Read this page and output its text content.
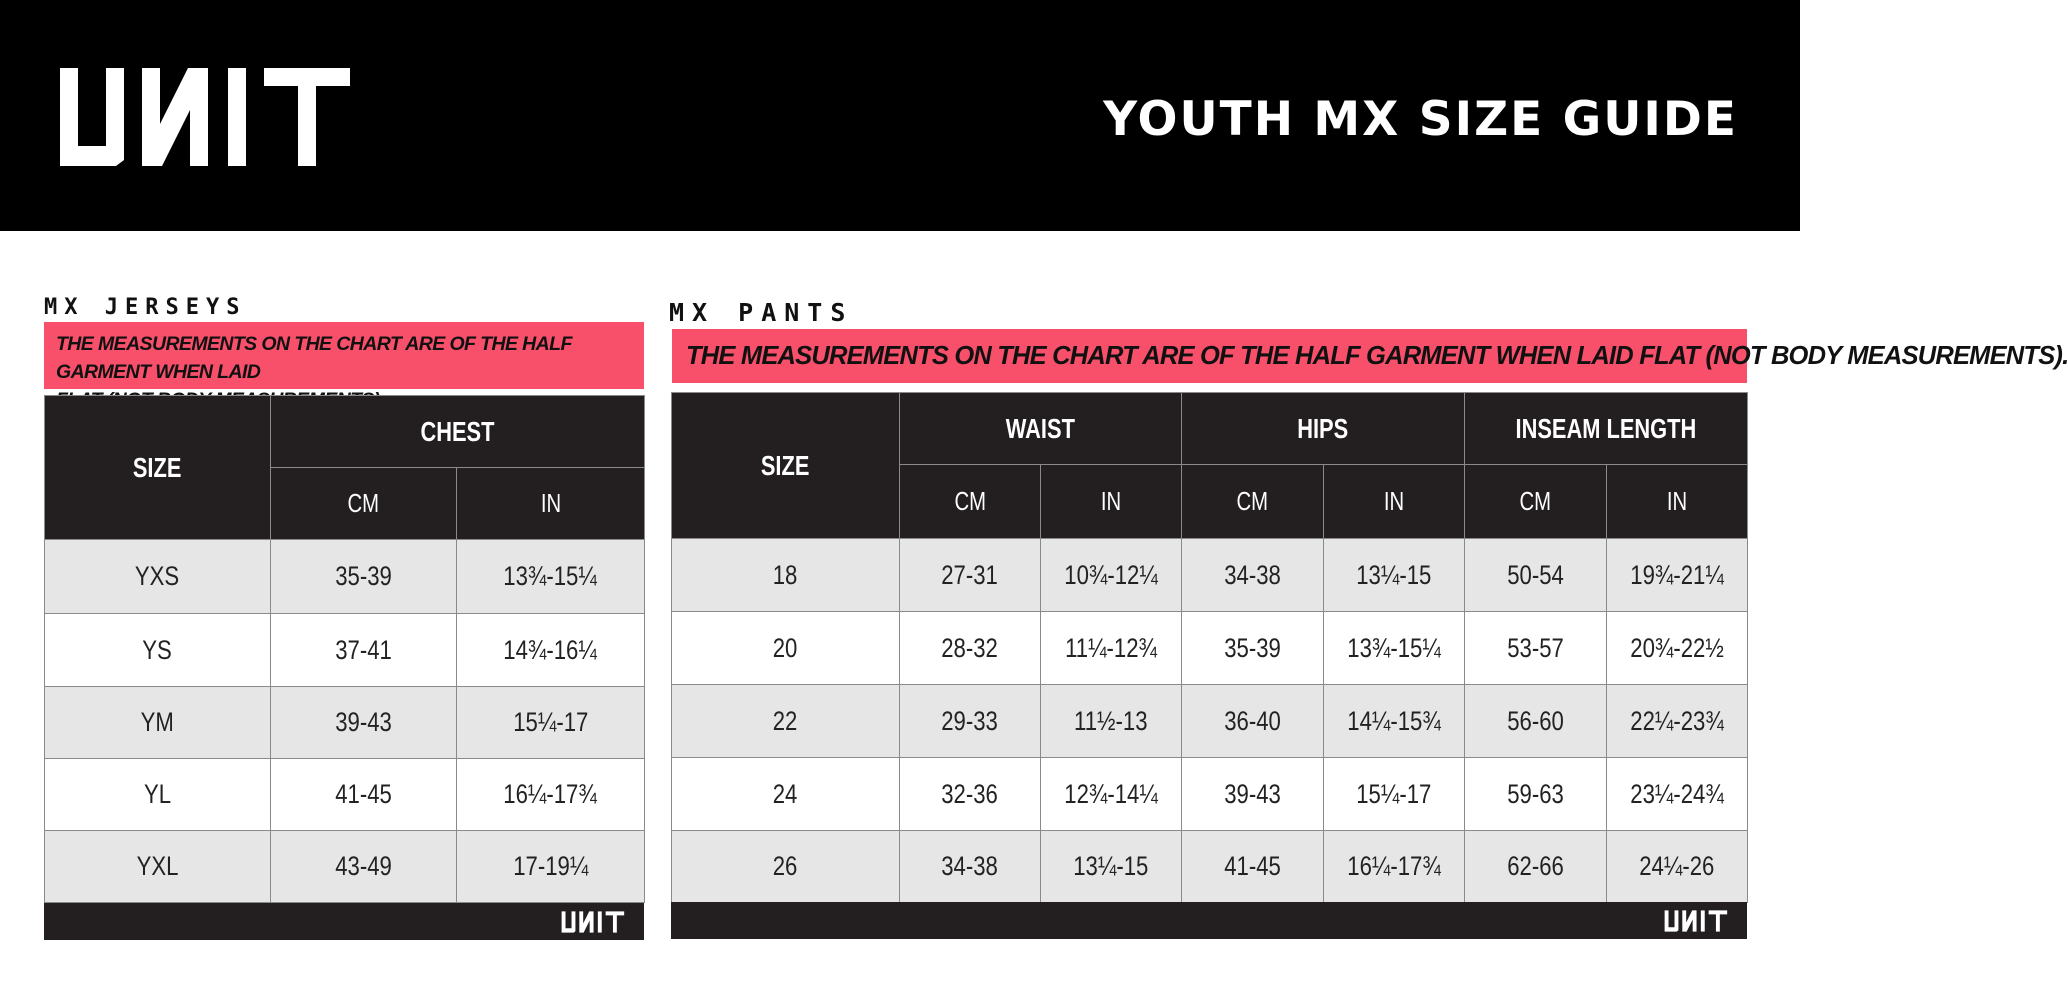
YOUTH MX SIZE GUIDE
MX JERSEYS
THE MEASUREMENTS ON THE CHART ARE OF THE HALF GARMENT WHEN LAID
SIZE	CHEST	
	CM	IN
YXS	35-39	13¾-15¼
YS	37-41	14¾-16¼
YM	39-43	15¼-17
YL	41-45	16¼-17¾
YXL	43-49	17-19¼
MX PANTS
THE MEASUREMENTS ON THE CHART ARE OF THE HALF GARMENT WHEN LAID FLAT (NOT BODY MEASUREMENTS).
SIZE	WAIST		HIPS		INSEAM LENGTH	
	CM	IN	CM	IN	CM	IN
18	27-31	10¾-12¼	34-38	13¼-15	50-54	19¾-21¼
20	28-32	11¼-12¾	35-39	13¾-15¼	53-57	20¾-22½
22	29-33	11½-13	36-40	14¼-15¾	56-60	22¼-23¾
24	32-36	12¾-14¼	39-43	15¼-17	59-63	23¼-24¾
26	34-38	13¼-15	41-45	16¼-17¾	62-66	24¼-26
